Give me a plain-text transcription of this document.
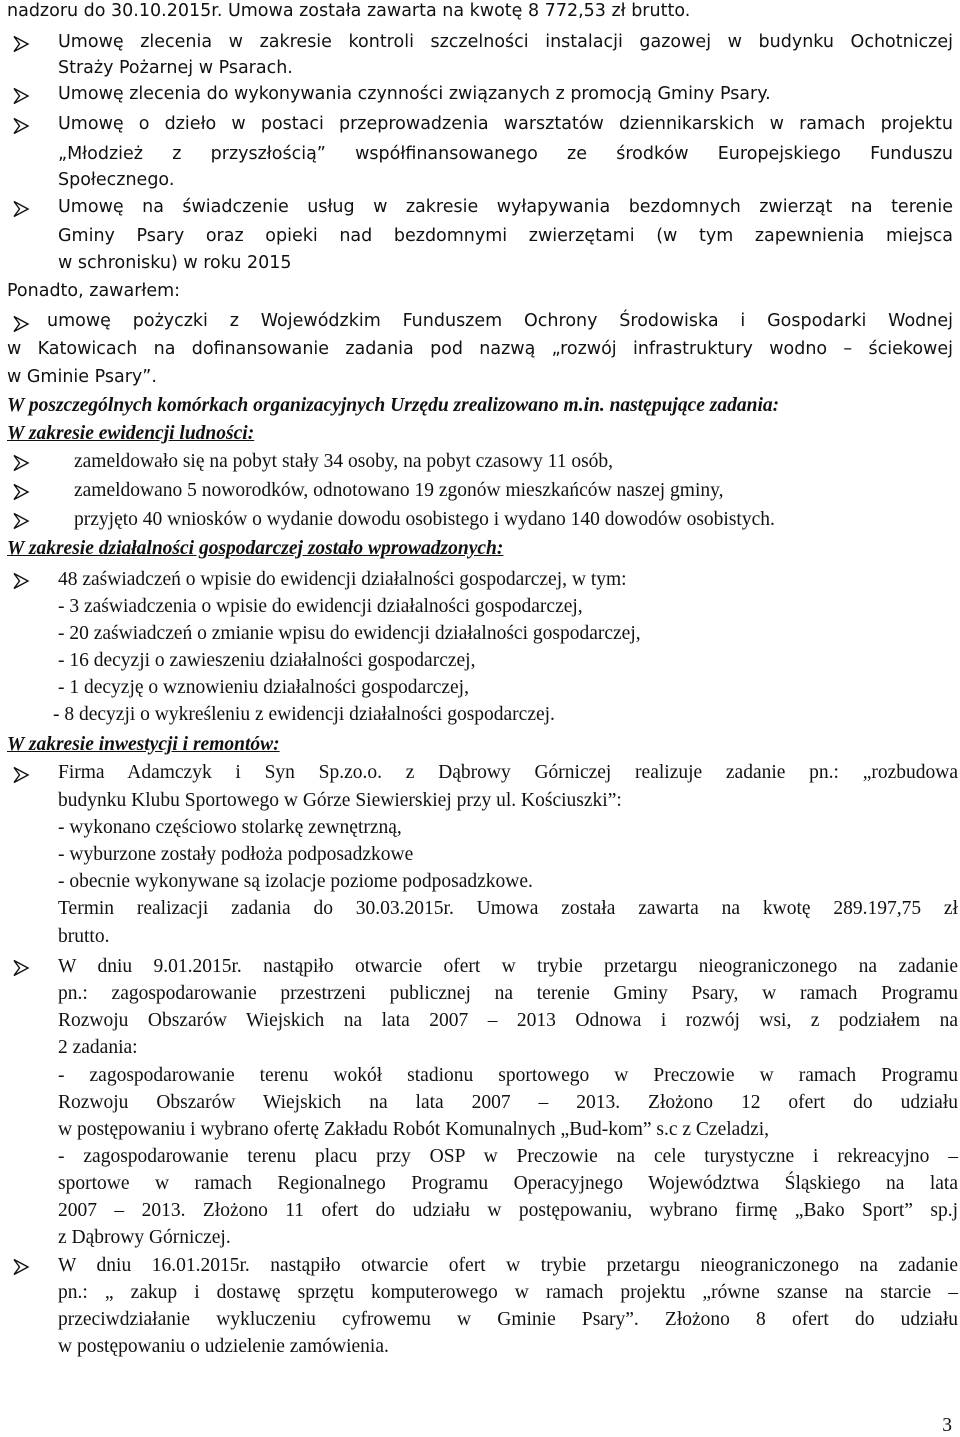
nadzoru do 30.10.2015r. Umowa została zawarta na kwotę 8 772,53 zł brutto.
Umowę zlecenia w zakresie kontroli szczelności instalacji gazowej w budynku Ochotniczej
Straży Pożarnej w Psarach.
Umowę zlecenia do wykonywania czynności związanych z promocją Gminy Psary.
Umowę o dzieło w postaci przeprowadzenia warsztatów dziennikarskich w ramach projektu
„Młodzież z przyszłością” współfinansowanego ze środków Europejskiego Funduszu
Społecznego.
Umowę na świadczenie usług w zakresie wyłapywania bezdomnych zwierząt na terenie
Gminy Psary oraz opieki nad bezdomnymi zwierzętami (w tym zapewnienia miejsca
w schronisku) w roku 2015
Ponadto, zawarłem:
umowę pożyczki z Wojewódzkim Funduszem Ochrony Środowiska i Gospodarki Wodnej
w Katowicach na dofinansowanie zadania pod nazwą „rozwój infrastruktury wodno – ściekowej
w Gminie Psary”.
W poszczególnych komórkach organizacyjnych Urzędu zrealizowano m.in. następujące zadania:
W zakresie ewidencji ludności:
zameldowało się na pobyt stały 34 osoby, na pobyt czasowy 11 osób,
zameldowano 5 noworodków, odnotowano 19 zgonów mieszkańców naszej gminy,
przyjęto 40 wniosków o wydanie dowodu osobistego i wydano 140 dowodów osobistych.
W zakresie działalności gospodarczej zostało wprowadzonych:
48 zaświadczeń o wpisie do ewidencji działalności gospodarczej, w tym:
- 3 zaświadczenia o wpisie do ewidencji działalności gospodarczej,
- 20 zaświadczeń o zmianie wpisu do ewidencji działalności gospodarczej,
- 16 decyzji o zawieszeniu działalności gospodarczej,
- 1 decyzję o wznowieniu działalności gospodarczej,
- 8 decyzji o wykreśleniu z ewidencji działalności gospodarczej.
W zakresie inwestycji i remontów:
Firma Adamczyk i Syn Sp.zo.o. z Dąbrowy Górniczej realizuje zadanie pn.: „rozbudowa
budynku Klubu Sportowego w Górze Siewierskiej przy ul. Kościuszki”:
- wykonano częściowo stolarkę zewnętrzną,
- wyburzone zostały podłoża podposadzkowe
- obecnie wykonywane są izolacje poziome podposadzkowe.
Termin realizacji zadania do 30.03.2015r. Umowa została zawarta na kwotę 289.197,75 zł
brutto.
W dniu 9.01.2015r. nastąpiło otwarcie ofert w trybie przetargu nieograniczonego na zadanie
pn.: zagospodarowanie przestrzeni publicznej na terenie Gminy Psary, w ramach Programu
Rozwoju Obszarów Wiejskich na lata 2007 – 2013 Odnowa i rozwój wsi, z podziałem na
2 zadania:
- zagospodarowanie terenu wokół stadionu sportowego w Preczowie w ramach Programu
Rozwoju Obszarów Wiejskich na lata 2007 – 2013. Złożono 12 ofert do udziału
w postępowaniu i wybrano ofertę Zakładu Robót Komunalnych „Bud-kom” s.c z Czeladzi,
- zagospodarowanie terenu placu przy OSP w Preczowie na cele turystyczne i rekreacyjno –
sportowe w ramach Regionalnego Programu Operacyjnego Województwa Śląskiego na lata
2007 – 2013. Złożono 11 ofert do udziału w postępowaniu, wybrano firmę „Bako Sport” sp.j
z Dąbrowy Górniczej.
W dniu 16.01.2015r. nastąpiło otwarcie ofert w trybie przetargu nieograniczonego na zadanie
pn.: „ zakup i dostawę sprzętu komputerowego w ramach projektu „równe szanse na starcie –
przeciwdziałanie wykluczeniu cyfrowemu w Gminie Psary”. Złożono 8 ofert do udziału
w postępowaniu o udzielenie zamówienia.
3
